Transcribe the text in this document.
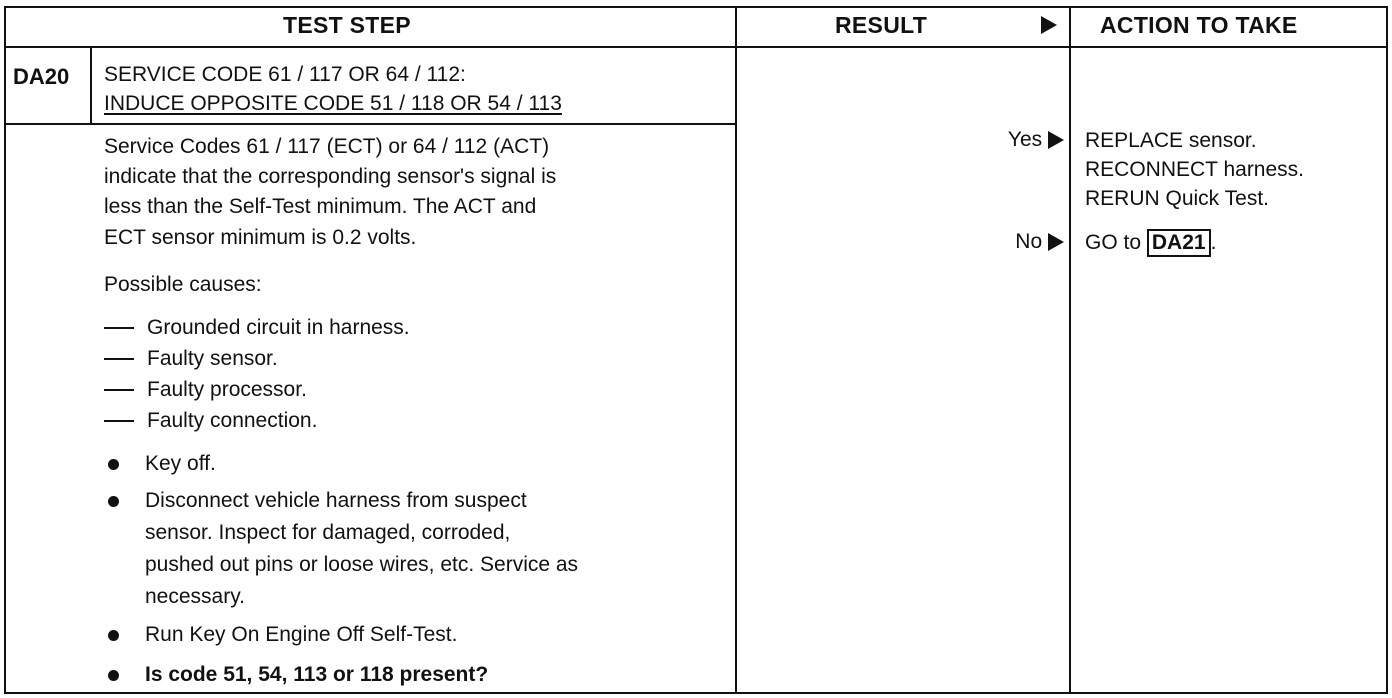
TEST STEP	RESULT	ACTION TO TAKE
DA20 SERVICE CODE 61 / 117 OR 64 / 112:
INDUCE OPPOSITE CODE 51 / 118 OR 54 / 113
Service Codes 61 / 117 (ECT) or 64 / 112 (ACT)
indicate that the corresponding sensor's signal is
less than the Self-Test minimum. The ACT and
ECT sensor minimum is 0.2 volts.
Possible causes:
Grounded circuit in harness.
Faulty sensor.
Faulty processor.
Faulty connection.
Key off.
Disconnect vehicle harness from suspect
sensor. Inspect for damaged, corroded,
pushed out pins or loose wires, etc. Service as
necessary.
Run Key On Engine Off Self-Test.
Is code 51, 54, 113 or 118 present?
Yes
No
REPLACE sensor.
RECONNECT harness.
RERUN Quick Test.
GO to DA21 .
